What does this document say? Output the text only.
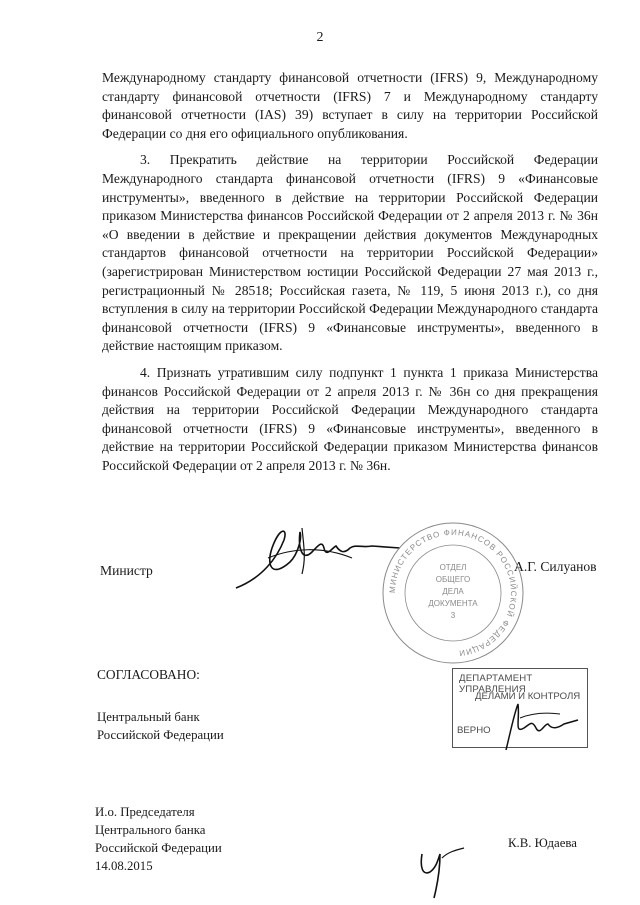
2

Международному стандарту финансовой отчетности (IFRS) 9, Международному стандарту финансовой отчетности (IFRS) 7 и Международному стандарту финансовой отчетности (IAS) 39) вступает в силу на территории Российской Федерации со дня его официального опубликования.

3. Прекратить действие на территории Российской Федерации Международного стандарта финансовой отчетности (IFRS) 9 «Финансовые инструменты», введенного в действие на территории Российской Федерации приказом Министерства финансов Российской Федерации от 2 апреля 2013 г. № 36н «О введении в действие и прекращении действия документов Международных стандартов финансовой отчетности на территории Российской Федерации» (зарегистрирован Министерством юстиции Российской Федерации 27 мая 2013 г., регистрационный № 28518; Российская газета, № 119, 5 июня 2013 г.), со дня вступления в силу на территории Российской Федерации Международного стандарта финансовой отчетности (IFRS) 9 «Финансовые инструменты», введенного в действие настоящим приказом.

4. Признать утратившим силу подпункт 1 пункта 1 приказа Министерства финансов Российской Федерации от 2 апреля 2013 г. № 36н со дня прекращения действия на территории Российской Федерации Международного стандарта финансовой отчетности (IFRS) 9 «Финансовые инструменты», введенного в действие на территории Российской Федерации приказом Министерства финансов Российской Федерации от 2 апреля 2013 г. № 36н.

Министр	А.Г. Силуанов
МИНИСТЕРСТВО ФИНАНСОВ РОССИЙСКОЙ ФЕДЕРАЦИИ
ОТДЕЛ
ОБЩЕГО
ДЕЛА
ДОКУМЕНТА
3
СОГЛАСОВАНО:
Центральный банк
Российской Федерации
ДЕПАРТАМЕНТ УПРАВЛЕНИЯ
ДЕЛАМИ И КОНТРОЛЯ
ВЕРНО
И.о. Председателя
Центрального банка
Российской Федерации
14.08.2015
К.В. Юдаева
